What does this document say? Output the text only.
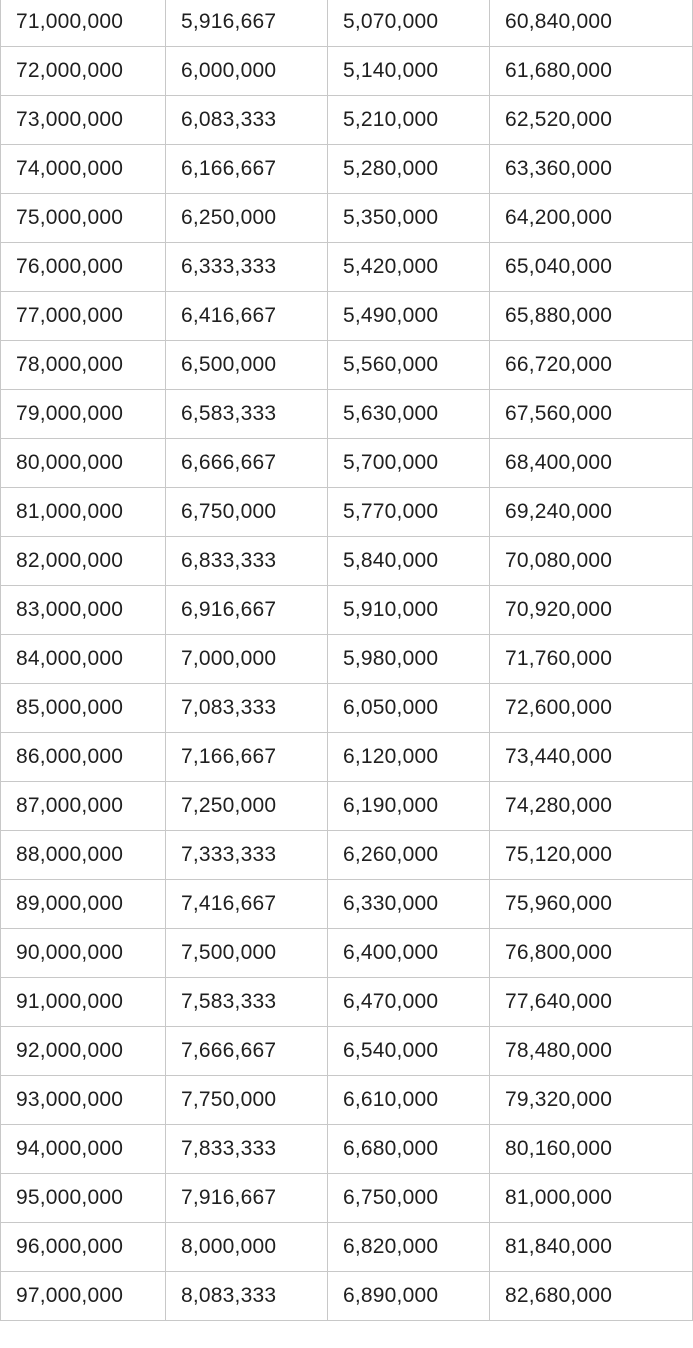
71,000,000	5,916,667	5,070,000	60,840,000
72,000,000	6,000,000	5,140,000	61,680,000
73,000,000	6,083,333	5,210,000	62,520,000
74,000,000	6,166,667	5,280,000	63,360,000
75,000,000	6,250,000	5,350,000	64,200,000
76,000,000	6,333,333	5,420,000	65,040,000
77,000,000	6,416,667	5,490,000	65,880,000
78,000,000	6,500,000	5,560,000	66,720,000
79,000,000	6,583,333	5,630,000	67,560,000
80,000,000	6,666,667	5,700,000	68,400,000
81,000,000	6,750,000	5,770,000	69,240,000
82,000,000	6,833,333	5,840,000	70,080,000
83,000,000	6,916,667	5,910,000	70,920,000
84,000,000	7,000,000	5,980,000	71,760,000
85,000,000	7,083,333	6,050,000	72,600,000
86,000,000	7,166,667	6,120,000	73,440,000
87,000,000	7,250,000	6,190,000	74,280,000
88,000,000	7,333,333	6,260,000	75,120,000
89,000,000	7,416,667	6,330,000	75,960,000
90,000,000	7,500,000	6,400,000	76,800,000
91,000,000	7,583,333	6,470,000	77,640,000
92,000,000	7,666,667	6,540,000	78,480,000
93,000,000	7,750,000	6,610,000	79,320,000
94,000,000	7,833,333	6,680,000	80,160,000
95,000,000	7,916,667	6,750,000	81,000,000
96,000,000	8,000,000	6,820,000	81,840,000
97,000,000	8,083,333	6,890,000	82,680,000
